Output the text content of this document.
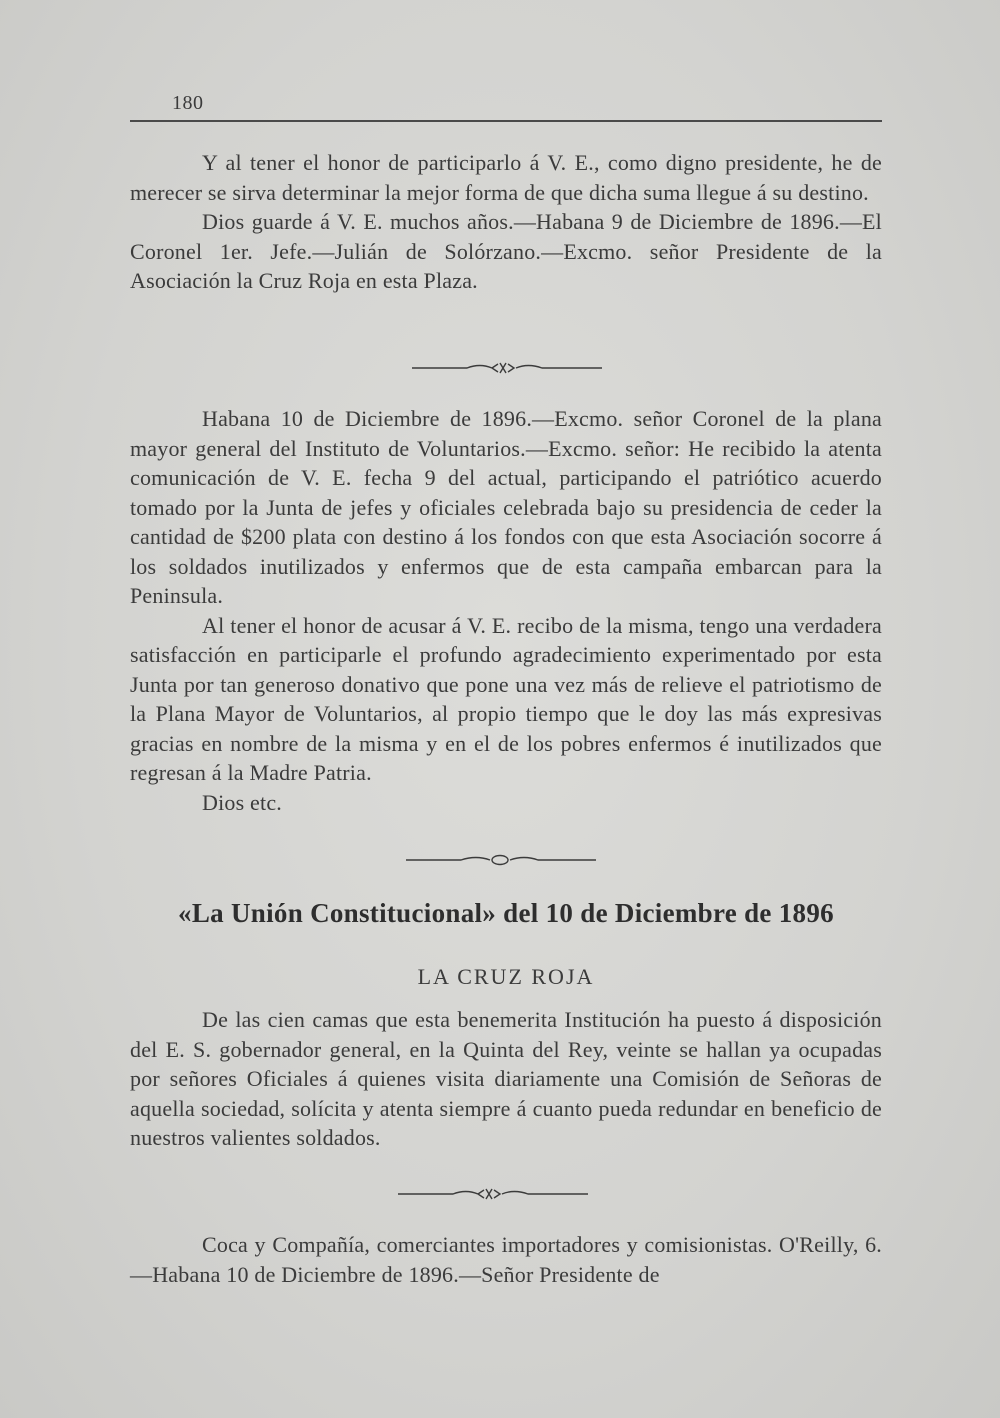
180

Y al tener el honor de participarlo á V. E., como digno presidente, he de merecer se sirva determinar la mejor forma de que dicha suma llegue á su destino.

Dios guarde á V. E. muchos años.—Habana 9 de Diciembre de 1896.—El Coronel 1er. Jefe.—Julián de Solórzano.—Excmo. señor Presidente de la Asociación la Cruz Roja en esta Plaza.

Habana 10 de Diciembre de 1896.—Excmo. señor Coronel de la plana mayor general del Instituto de Voluntarios.—Excmo. señor: He recibido la atenta comunicación de V. E. fecha 9 del actual, participando el patriótico acuerdo tomado por la Junta de jefes y oficiales celebrada bajo su presidencia de ceder la cantidad de $200 plata con destino á los fondos con que esta Asociación socorre á los soldados inutilizados y enfermos que de esta campaña embarcan para la Peninsula.

Al tener el honor de acusar á V. E. recibo de la misma, tengo una verdadera satisfacción en participarle el profundo agradecimiento experimentado por esta Junta por tan generoso donativo que pone una vez más de relieve el patriotismo de la Plana Mayor de Voluntarios, al propio tiempo que le doy las más expresivas gracias en nombre de la misma y en el de los pobres enfermos é inutilizados que regresan á la Madre Patria.

Dios etc.

«La Unión Constitucional» del 10 de Diciembre de 1896
LA CRUZ ROJA

De las cien camas que esta benemerita Institución ha puesto á disposición del E. S. gobernador general, en la Quinta del Rey, veinte se hallan ya ocupadas por señores Oficiales á quienes visita diariamente una Comisión de Señoras de aquella sociedad, solícita y atenta siempre á cuanto pueda redundar en beneficio de nuestros valientes soldados.

Coca y Compañía, comerciantes importadores y comisionistas. O'Reilly, 6.—Habana 10 de Diciembre de 1896.—Señor Presidente de
